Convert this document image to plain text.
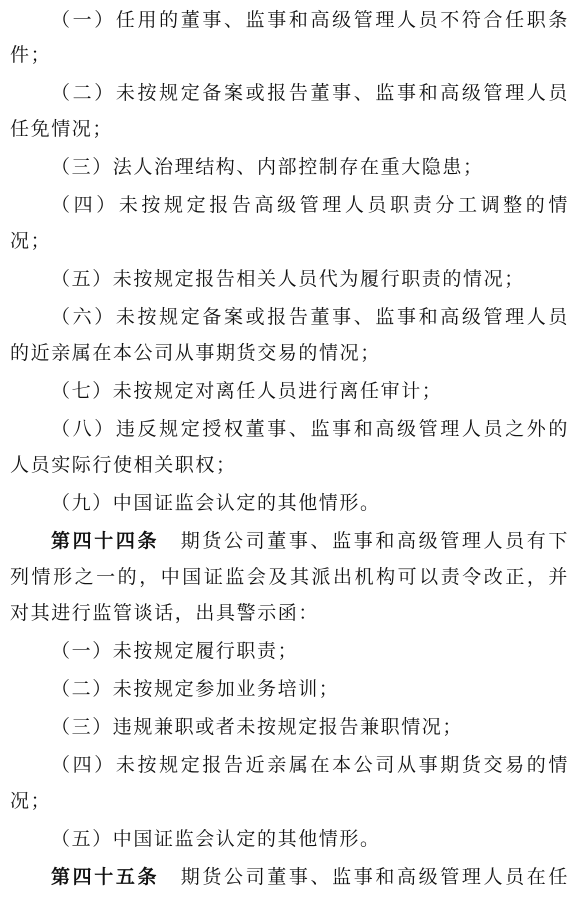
（一）任用的董事、监事和高级管理人员不符合任职条
件；
（二）未按规定备案或报告董事、监事和高级管理人员
任免情况；
（三）法人治理结构、内部控制存在重大隐患；
（四）未按规定报告高级管理人员职责分工调整的情
况；
（五）未按规定报告相关人员代为履行职责的情况；
（六）未按规定备案或报告董事、监事和高级管理人员
的近亲属在本公司从事期货交易的情况；
（七）未按规定对离任人员进行离任审计；
（八）违反规定授权董事、监事和高级管理人员之外的
人员实际行使相关职权；
（九）中国证监会认定的其他情形。
第四十四条　 期货公司董事、监事和高级管理人员有下
列情形之一的，中国证监会及其派出机构可以责令改正，并
对其进行监管谈话，出具警示函：
（一）未按规定履行职责；
（二）未按规定参加业务培训；
（三）违规兼职或者未按规定报告兼职情况；
（四）未按规定报告近亲属在本公司从事期货交易的情
况；
（五）中国证监会认定的其他情形。
第四十五条　 期货公司董事、监事和高级管理人员在任
